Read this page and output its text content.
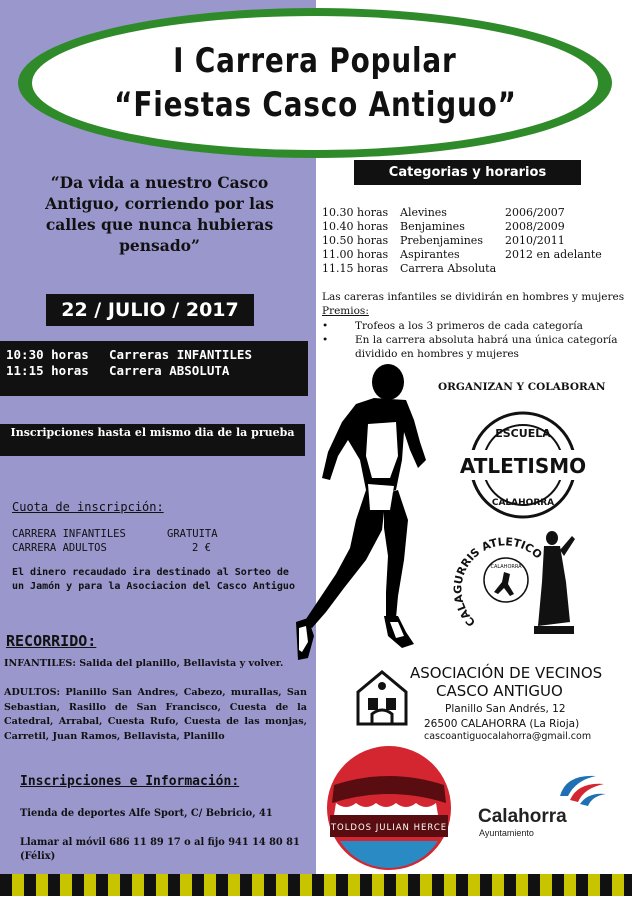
I Carrera Popular
“Fiestas Casco Antiguo”
“Da vida a nuestro Casco Antiguo, corriendo por las calles que nunca hubieras pensado”
22 / JULIO / 2017
10:30 horas Carreras INFANTILES
11:15 horas Carrera ABSOLUTA
Inscripciones hasta el mismo dia de la prueba
Cuota de inscripción:
CARRERA INFANTILES	GRATUITA
CARRERA ADULTOS	2 €
El dinero recaudado ira destinado al Sorteo de un Jamón y para la Asociacion del Casco Antiguo
RECORRIDO:
INFANTILES: Salida del planillo, Bellavista y volver.
ADULTOS: Planillo San Andres, Cabezo, murallas, San Sebastian, Rasillo de San Francisco, Cuesta de la Catedral, Arrabal, Cuesta Rufo, Cuesta de las monjas, Carretil, Juan Ramos, Bellavista, Planillo
Inscripciones e Información:
Tienda de deportes Alfe Sport, C/ Bebricio, 41
Llamar al móvil 686 11 89 17 o al fijo 941 14 80 81 (Félix)
Categorias y horarios
10.30 horas Alevines	2006/2007
10.40 horas Benjamines	2008/2009
10.50 horas Prebenjamines 2010/2011
11.00 horas Aspirantes	2012 en adelante
11.15 horas Carrera Absoluta
Las careras infantiles se dividirán en hombres y mujeres
Premios:
•	Trofeos a los 3 primeros de cada categoría
•	En la carrera absoluta habrá una única categoría dividido en hombres y mujeres
ORGANIZAN Y COLABORAN
ESCUELA
ATLETISMO
CALAHORRA
CALAGURRIS ATLETICO
CALAHORRA
ASOCIACIÓN DE VECINOS
CASCO ANTIGUO
Planillo San Andrés, 12
26500 CALAHORRA (La Rioja)
cascoantiguocalahorra@gmail.com
TOLDOS JULIAN HERCE
Calahorra
Ayuntamiento
